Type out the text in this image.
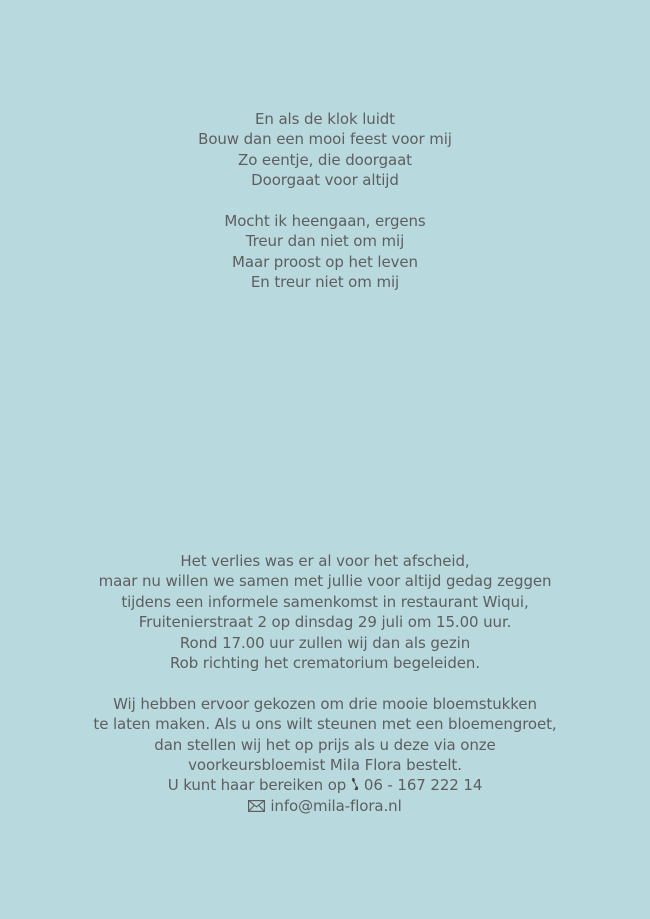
En als de klok luidt
Bouw dan een mooi feest voor mij
Zo eentje, die doorgaat
Doorgaat voor altijd
Mocht ik heengaan, ergens
Treur dan niet om mij
Maar proost op het leven
En treur niet om mij
Het verlies was er al voor het afscheid,
maar nu willen we samen met jullie voor altijd gedag zeggen
tijdens een informele samenkomst in restaurant Wiqui,
Fruitenierstraat 2 op dinsdag 29 juli om 15.00 uur.
Rond 17.00 uur zullen wij dan als gezin
Rob richting het crematorium begeleiden.
Wij hebben ervoor gekozen om drie mooie bloemstukken
te laten maken. Als u ons wilt steunen met een bloemengroet,
dan stellen wij het op prijs als u deze via onze
voorkeursbloemist Mila Flora bestelt.
U kunt haar bereiken op 06 - 167 222 14
info@mila-flora.nl
